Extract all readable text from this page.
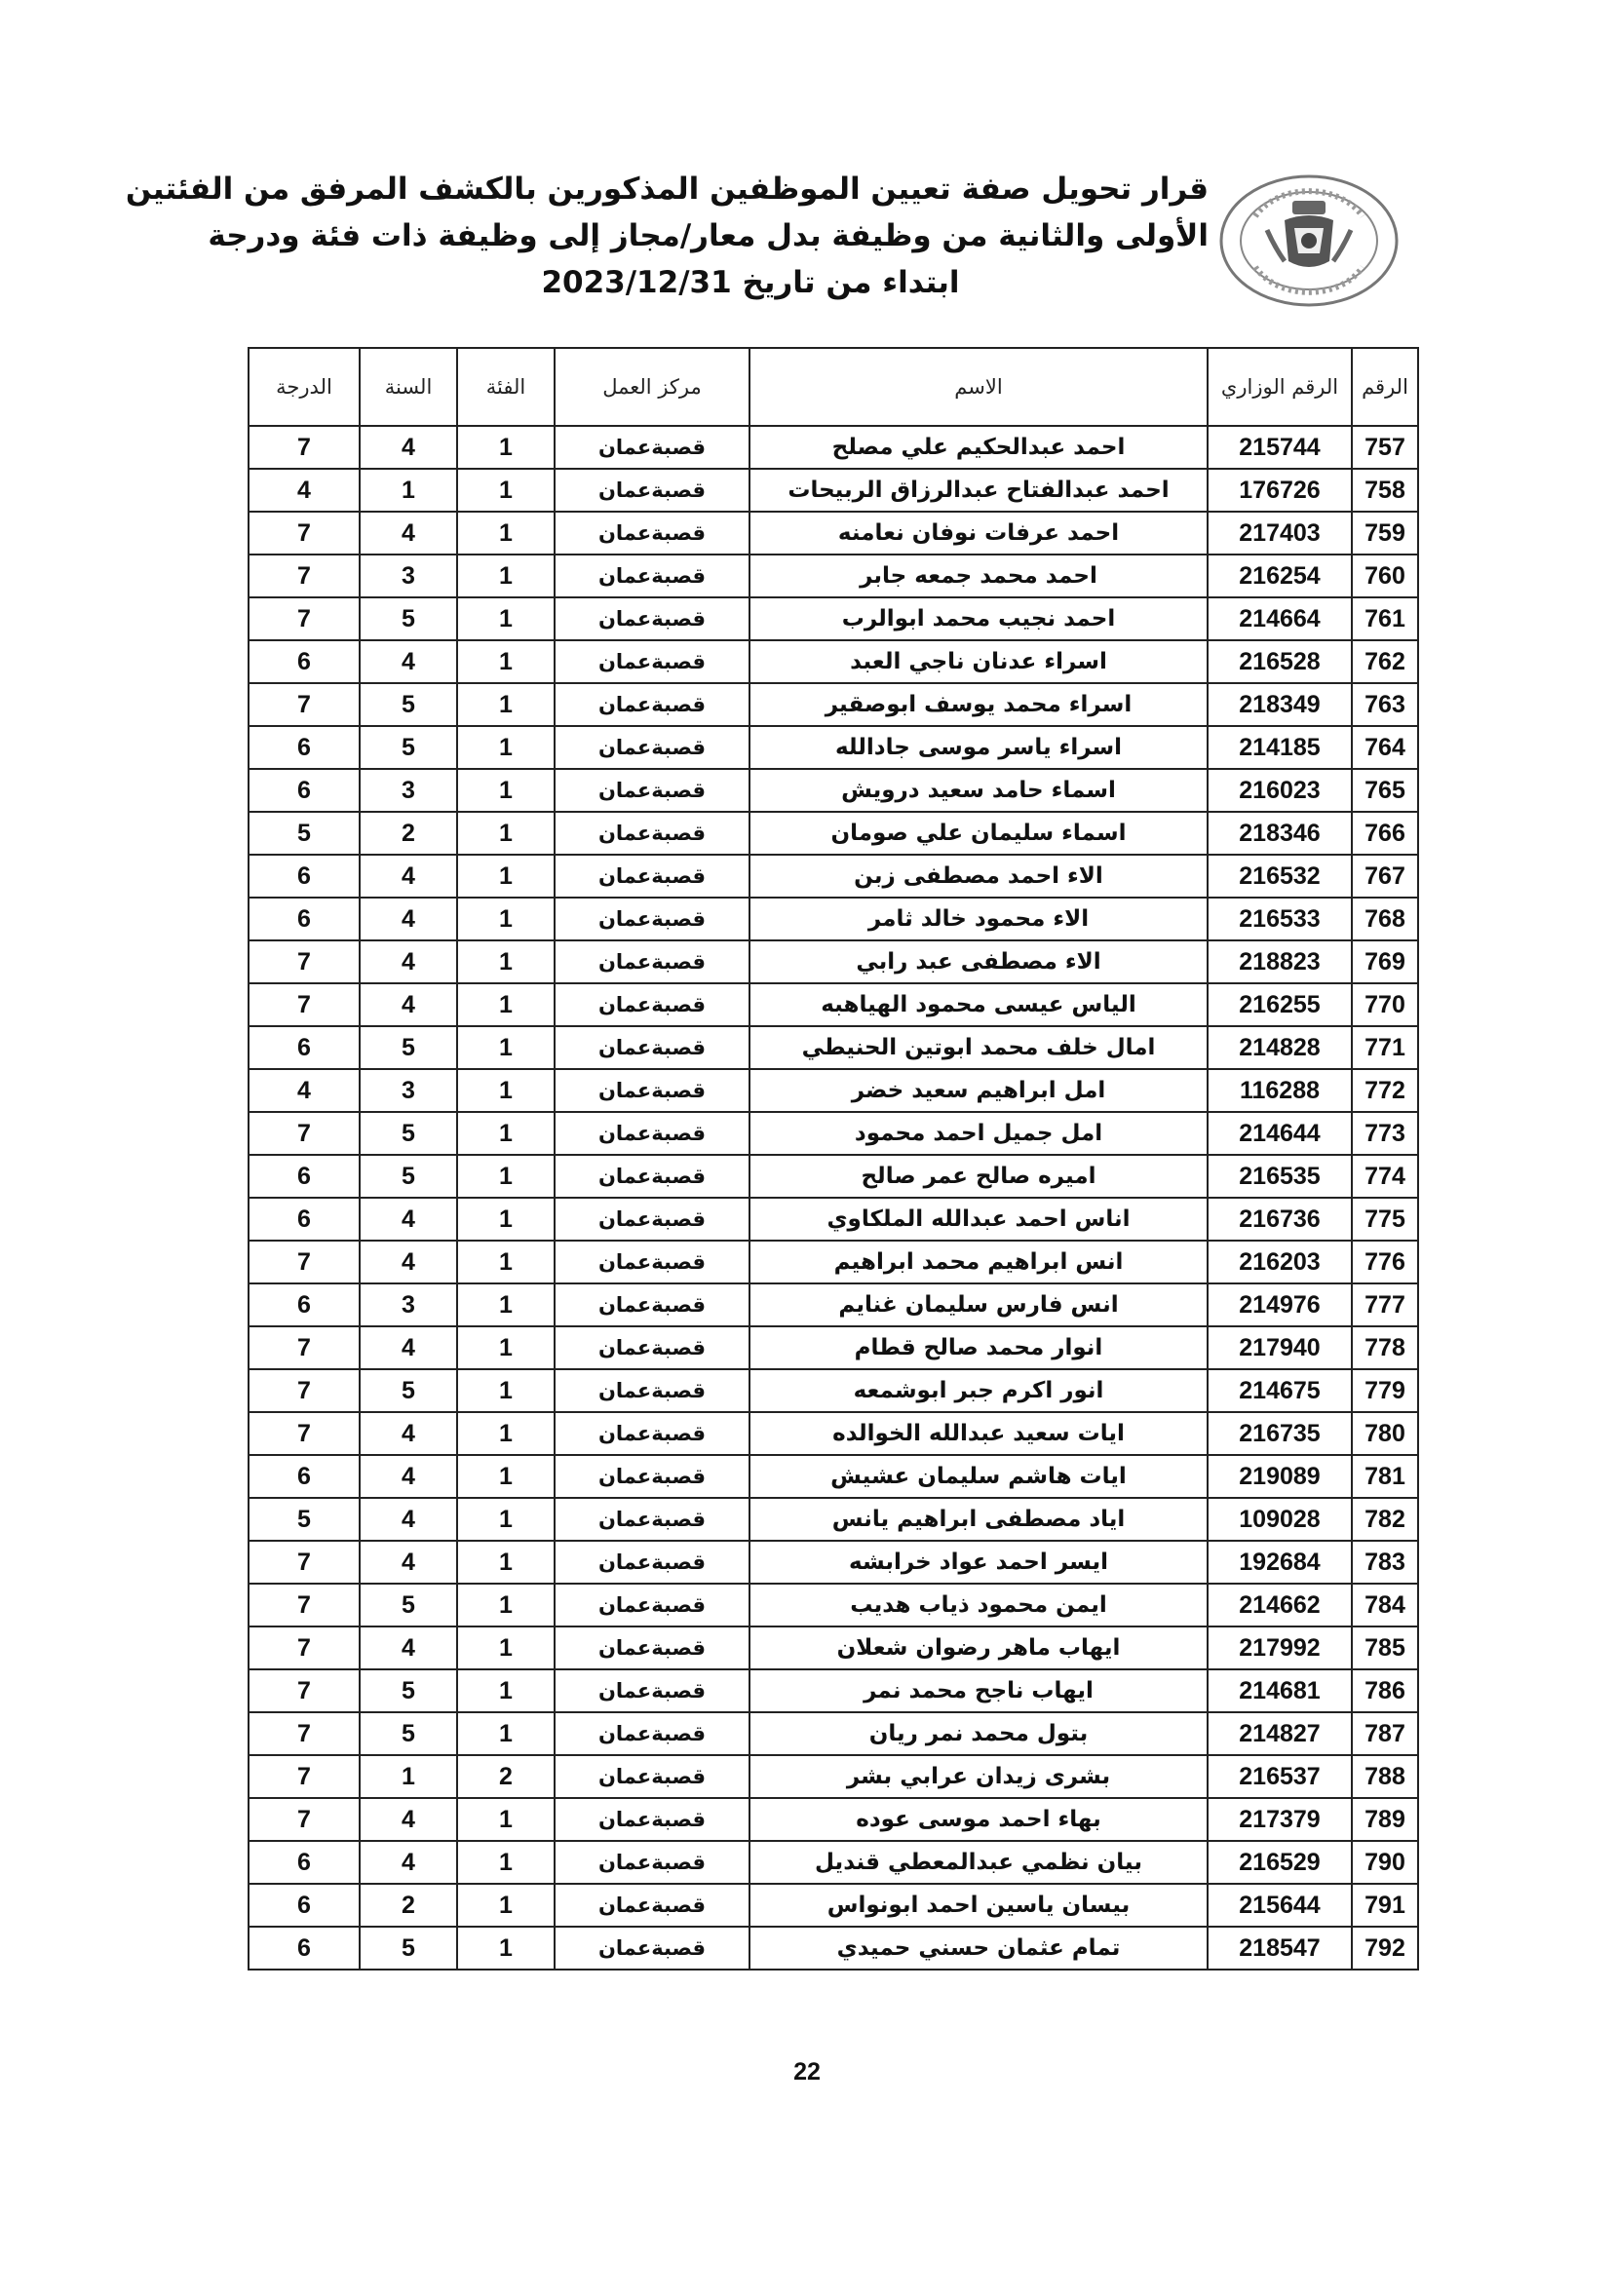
قرار تحويل صفة تعيين الموظفين المذكورين بالكشف المرفق من الفئتين
الأولى والثانية من وظيفة بدل معار/مجاز إلى وظيفة ذات فئة ودرجة
ابتداء من تاريخ 2023/12/31
الرقم	الرقم الوزاري	الاسم	مركز العمل	الفئة	السنة	الدرجة
757	215744	احمد عبدالحكيم علي مصلح	قصبةعمان	1	4	7
758	176726	احمد عبدالفتاح عبدالرزاق الربيحات	قصبةعمان	1	1	4
759	217403	احمد عرفات نوفان نعامنه	قصبةعمان	1	4	7
760	216254	احمد محمد جمعه جابر	قصبةعمان	1	3	7
761	214664	احمد نجيب محمد ابوالرب	قصبةعمان	1	5	7
762	216528	اسراء عدنان ناجي العبد	قصبةعمان	1	4	6
763	218349	اسراء محمد يوسف ابوصقير	قصبةعمان	1	5	7
764	214185	اسراء ياسر موسى جادالله	قصبةعمان	1	5	6
765	216023	اسماء حامد سعيد درويش	قصبةعمان	1	3	6
766	218346	اسماء سليمان علي صومان	قصبةعمان	1	2	5
767	216532	الاء احمد مصطفى زبن	قصبةعمان	1	4	6
768	216533	الاء محمود خالد ثامر	قصبةعمان	1	4	6
769	218823	الاء مصطفى عبد رابي	قصبةعمان	1	4	7
770	216255	الياس عيسى محمود الهياهبه	قصبةعمان	1	4	7
771	214828	امال خلف محمد ابوتين الحنيطي	قصبةعمان	1	5	6
772	116288	امل ابراهيم سعيد خضر	قصبةعمان	1	3	4
773	214644	امل جميل احمد محمود	قصبةعمان	1	5	7
774	216535	اميره صالح عمر صالح	قصبةعمان	1	5	6
775	216736	اناس احمد عبدالله الملكاوي	قصبةعمان	1	4	6
776	216203	انس ابراهيم محمد ابراهيم	قصبةعمان	1	4	7
777	214976	انس فارس سليمان غنايم	قصبةعمان	1	3	6
778	217940	انوار محمد صالح قطام	قصبةعمان	1	4	7
779	214675	انور اكرم جبر ابوشمعه	قصبةعمان	1	5	7
780	216735	ايات سعيد عبدالله الخوالده	قصبةعمان	1	4	7
781	219089	ايات هاشم سليمان عشيش	قصبةعمان	1	4	6
782	109028	اياد مصطفى ابراهيم يانس	قصبةعمان	1	4	5
783	192684	ايسر احمد عواد خرابشه	قصبةعمان	1	4	7
784	214662	ايمن محمود ذياب هديب	قصبةعمان	1	5	7
785	217992	ايهاب ماهر رضوان شعلان	قصبةعمان	1	4	7
786	214681	ايهاب ناجح محمد نمر	قصبةعمان	1	5	7
787	214827	بتول محمد نمر ريان	قصبةعمان	1	5	7
788	216537	بشرى زيدان عرابي بشر	قصبةعمان	2	1	7
789	217379	بهاء احمد موسى عوده	قصبةعمان	1	4	7
790	216529	بيان نظمي عبدالمعطي قنديل	قصبةعمان	1	4	6
791	215644	بيسان ياسين احمد ابونواس	قصبةعمان	1	2	6
792	218547	تمام عثمان حسني حميدي	قصبةعمان	1	5	6
22
